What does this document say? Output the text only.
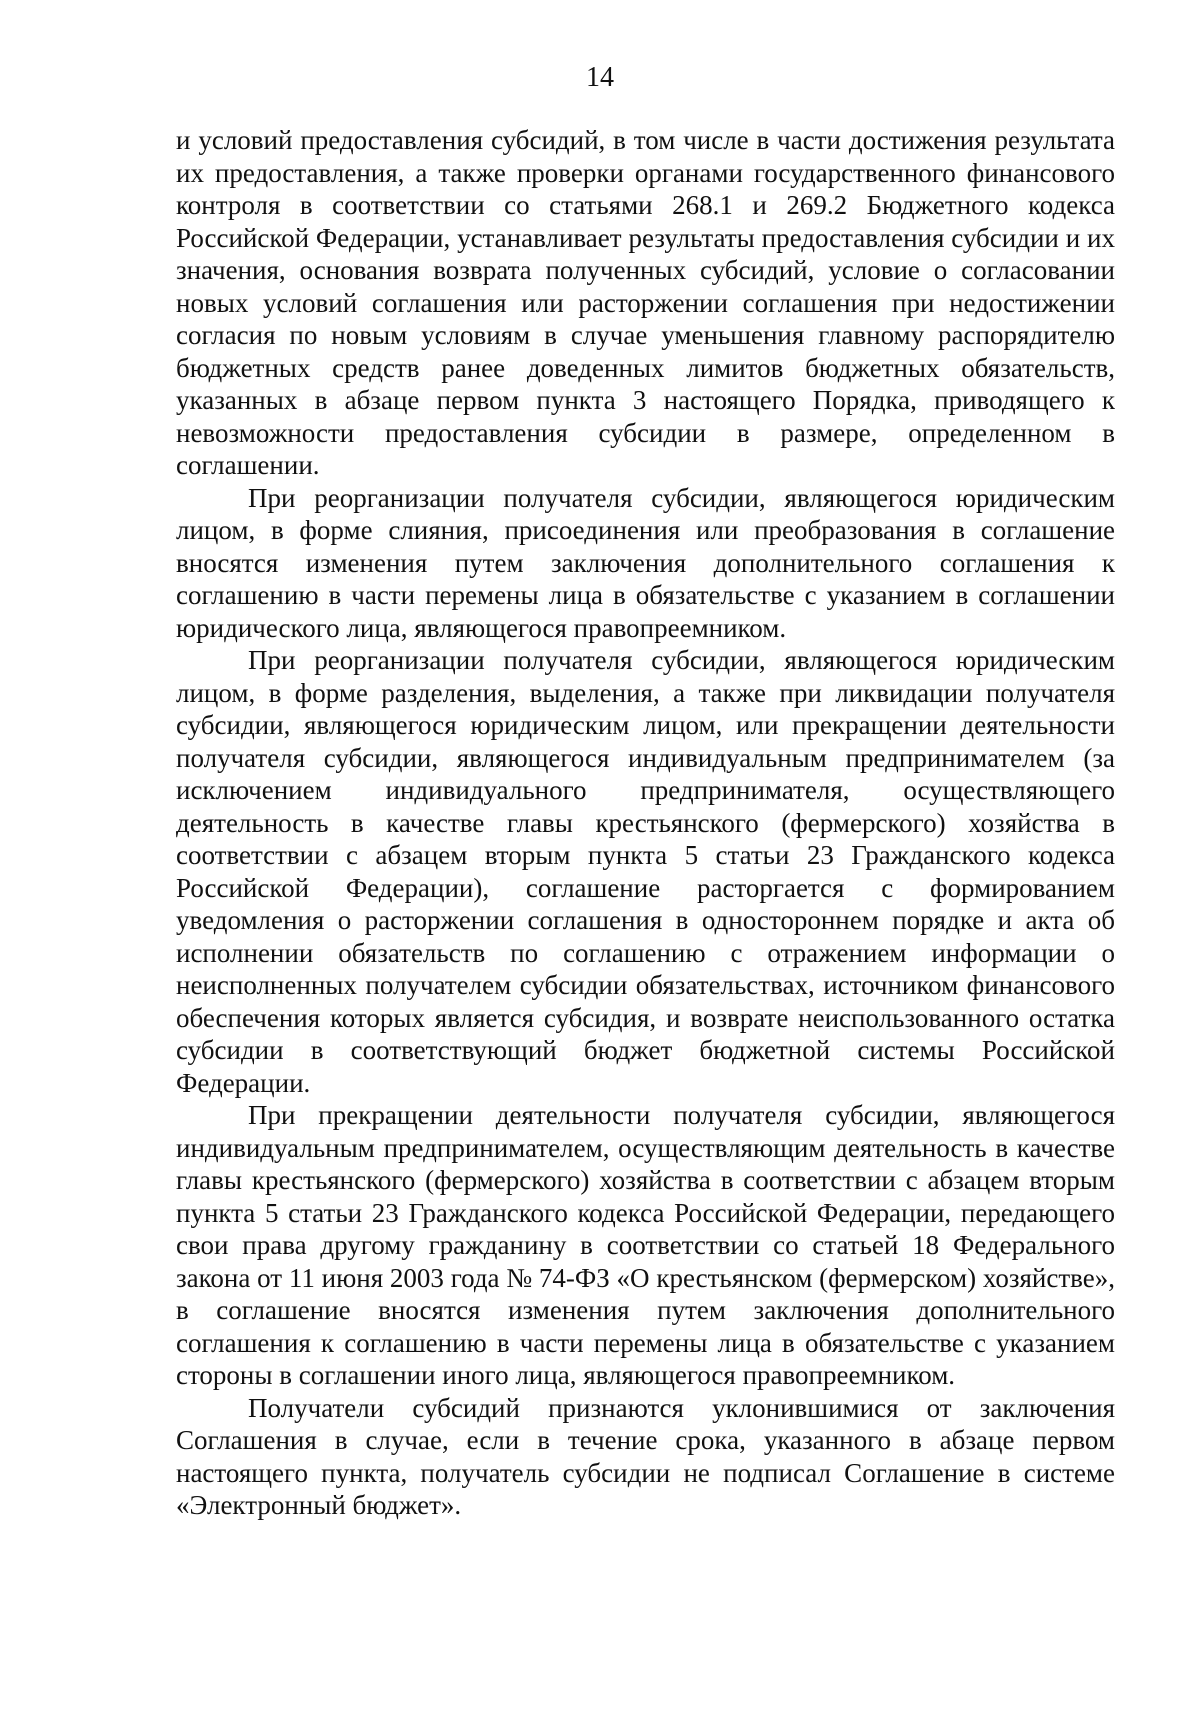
14

и условий предоставления субсидий, в том числе в части достижения результата их предоставления, а также проверки органами государственного финансового контроля в соответствии со статьями 268.1 и 269.2 Бюджетного кодекса Российской Федерации, устанавливает результаты предоставления субсидии и их значения, основания возврата полученных субсидий, условие о согласовании новых условий соглашения или расторжении соглашения при недостижении согласия по новым условиям в случае уменьшения главному распорядителю бюджетных средств ранее доведенных лимитов бюджетных обязательств, указанных в абзаце первом пункта 3 настоящего Порядка, приводящего к невозможности предоставления субсидии в размере, определенном в соглашении.

При реорганизации получателя субсидии, являющегося юридическим лицом, в форме слияния, присоединения или преобразования в соглашение вносятся изменения путем заключения дополнительного соглашения к соглашению в части перемены лица в обязательстве с указанием в соглашении юридического лица, являющегося правопреемником.

При реорганизации получателя субсидии, являющегося юридическим лицом, в форме разделения, выделения, а также при ликвидации получателя субсидии, являющегося юридическим лицом, или прекращении деятельности получателя субсидии, являющегося индивидуальным предпринимателем (за исключением индивидуального предпринимателя, осуществляющего деятельность в качестве главы крестьянского (фермерского) хозяйства в соответствии с абзацем вторым пункта 5 статьи 23 Гражданского кодекса Российской Федерации), соглашение расторгается с формированием уведомления о расторжении соглашения в одностороннем порядке и акта об исполнении обязательств по соглашению с отражением информации о неисполненных получателем субсидии обязательствах, источником финансового обеспечения которых является субсидия, и возврате неиспользованного остатка субсидии в соответствующий бюджет бюджетной системы Российской Федерации.

При прекращении деятельности получателя субсидии, являющегося индивидуальным предпринимателем, осуществляющим деятельность в качестве главы крестьянского (фермерского) хозяйства в соответствии с абзацем вторым пункта 5 статьи 23 Гражданского кодекса Российской Федерации, передающего свои права другому гражданину в соответствии со статьей 18 Федерального закона от 11 июня 2003 года № 74-ФЗ «О крестьянском (фермерском) хозяйстве», в соглашение вносятся изменения путем заключения дополнительного соглашения к соглашению в части перемены лица в обязательстве с указанием стороны в соглашении иного лица, являющегося правопреемником.

Получатели субсидий признаются уклонившимися от заключения Соглашения в случае, если в течение срока, указанного в абзаце первом настоящего пункта, получатель субсидии не подписал Соглашение в системе «Электронный бюджет».
